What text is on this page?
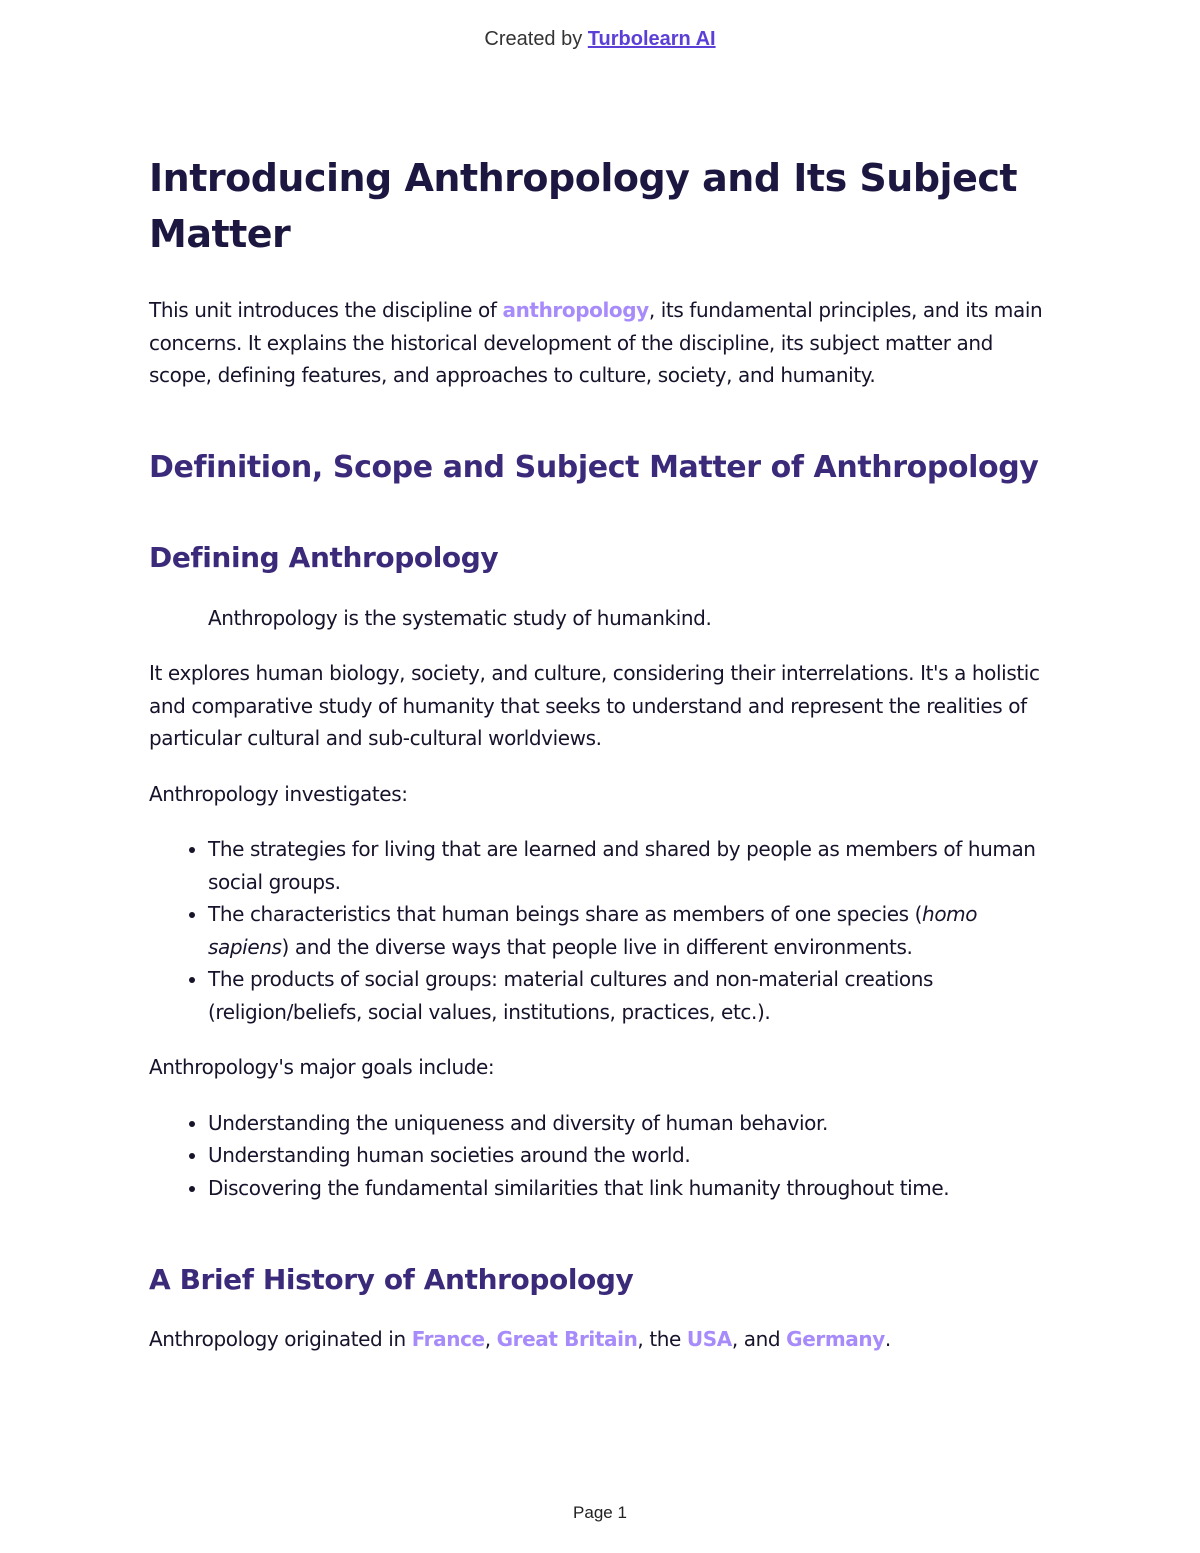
Created by Turbolearn AI
Introducing Anthropology and Its Subject Matter

This unit introduces the discipline of anthropology, its fundamental principles, and its main concerns. It explains the historical development of the discipline, its subject matter and scope, defining features, and approaches to culture, society, and humanity.

Definition, Scope and Subject Matter of Anthropology
Defining Anthropology

Anthropology is the systematic study of humankind.

It explores human biology, society, and culture, considering their interrelations. It's a holistic and comparative study of humanity that seeks to understand and represent the realities of particular cultural and sub-cultural worldviews.

Anthropology investigates:

• The strategies for living that are learned and shared by people as members of human social groups.
• The characteristics that human beings share as members of one species (homo sapiens) and the diverse ways that people live in different environments.
• The products of social groups: material cultures and non-material creations (religion/beliefs, social values, institutions, practices, etc.).

Anthropology's major goals include:

• Understanding the uniqueness and diversity of human behavior.
• Understanding human societies around the world.
• Discovering the fundamental similarities that link humanity throughout time.
A Brief History of Anthropology

Anthropology originated in France, Great Britain, the USA, and Germany.

Page 1
